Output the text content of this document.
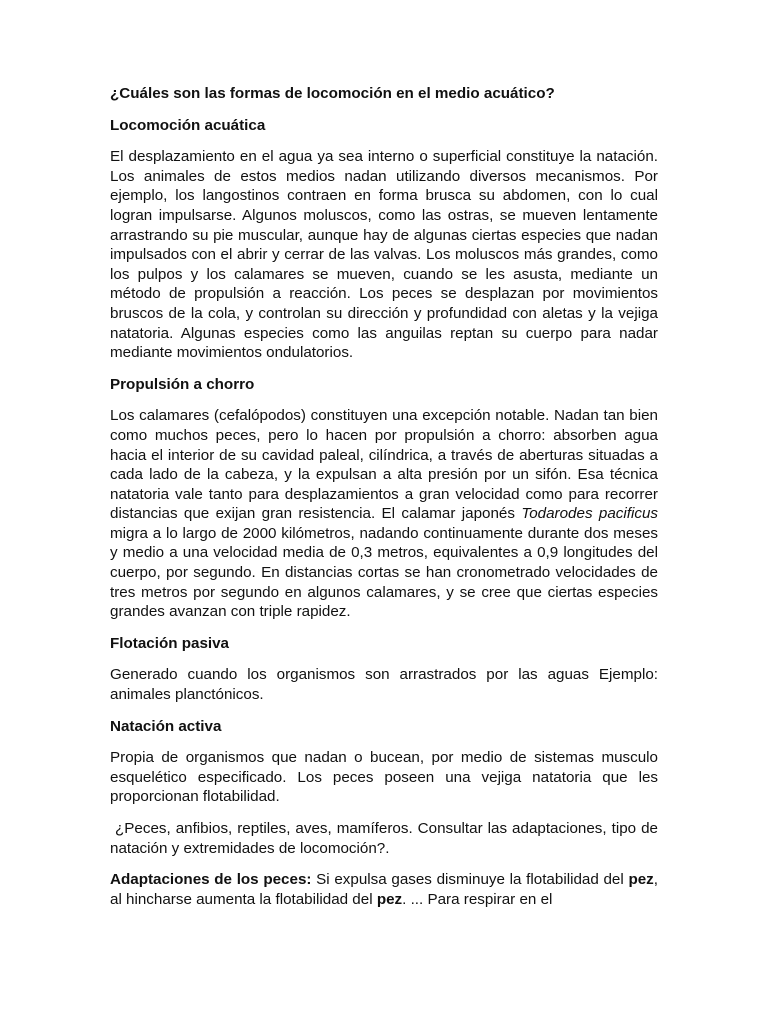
¿Cuáles son las formas de locomoción en el medio acuático?
Locomoción acuática
El desplazamiento en el agua ya sea interno o superficial constituye la natación. Los animales de estos medios nadan utilizando diversos mecanismos. Por ejemplo, los langostinos contraen en forma brusca su abdomen, con lo cual logran impulsarse. Algunos moluscos, como las ostras, se mueven lentamente arrastrando su pie muscular, aunque hay de algunas ciertas especies que nadan impulsados con el abrir y cerrar de las valvas. Los moluscos más grandes, como los pulpos y los calamares se mueven, cuando se les asusta, mediante un método de propulsión a reacción. Los peces se desplazan por movimientos bruscos de la cola, y controlan su dirección y profundidad con aletas y la vejiga natatoria. Algunas especies como las anguilas reptan su cuerpo para nadar mediante movimientos ondulatorios.
Propulsión a chorro
Los calamares (cefalópodos) constituyen una excepción notable. Nadan tan bien como muchos peces, pero lo hacen por propulsión a chorro: absorben agua hacia el interior de su cavidad paleal, cilíndrica, a través de aberturas situadas a cada lado de la cabeza, y la expulsan a alta presión por un sifón. Esa técnica natatoria vale tanto para desplazamientos a gran velocidad como para recorrer distancias que exijan gran resistencia. El calamar japonés Todarodes pacificus migra a lo largo de 2000 kilómetros, nadando continuamente durante dos meses y medio a una velocidad media de 0,3 metros, equivalentes a 0,9 longitudes del cuerpo, por segundo. En distancias cortas se han cronometrado velocidades de tres metros por segundo en algunos calamares, y se cree que ciertas especies grandes avanzan con triple rapidez.
Flotación pasiva
Generado cuando los organismos son arrastrados por las aguas Ejemplo: animales planctónicos.
Natación activa
Propia de organismos que nadan o bucean, por medio de sistemas musculo esquelético especificado. Los peces poseen una vejiga natatoria que les proporcionan flotabilidad.
¿Peces, anfibios, reptiles, aves, mamíferos. Consultar las adaptaciones, tipo de natación y extremidades de locomoción?.
Adaptaciones de los peces: Si expulsa gases disminuye la flotabilidad del pez, al hincharse aumenta la flotabilidad del pez. ... Para respirar en el
